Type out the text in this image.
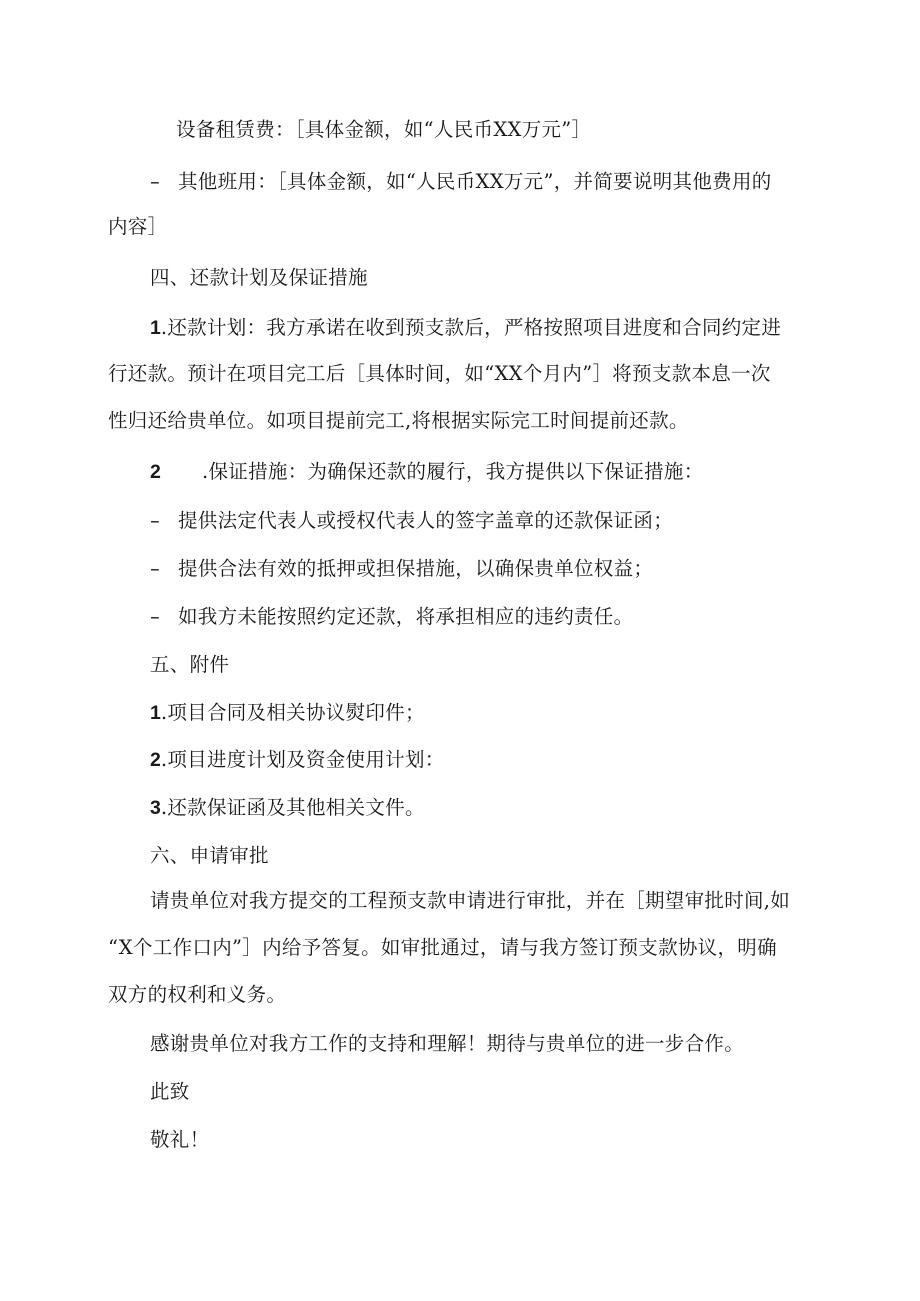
设备租赁费：［具体金额，如“人民币XX万元”］
– 其他班用：［具体金额，如“人民币XX万元”，并简要说明其他费用的
内容］
四、还款计划及保证措施
1.还款计划：我方承诺在收到预支款后，严格按照项目进度和合同约定进
行还款。预计在项目完工后［具体时间，如“XX个月内”］将预支款本息一次
性归还给贵单位。如项目提前完工,将根据实际完工时间提前还款。
2 .保证措施：为确保还款的履行，我方提供以下保证措施：
– 提供法定代表人或授权代表人的签字盖章的还款保证函；
– 提供合法有效的抵押或担保措施，以确保贵单位权益；
– 如我方未能按照约定还款，将承担相应的违约责任。
五、附件
1.项目合同及相关协议熨印件；
2.项目进度计划及资金使用计划：
3.还款保证函及其他相关文件。
六、申请审批
请贵单位对我方提交的工程预支款申请进行审批，并在［期望审批时间,如
“X个工作口内”］内给予答复。如审批通过，请与我方签订预支款协议，明确
双方的权利和义务。
感谢贵单位对我方工作的支持和理解！期待与贵单位的进一步合作。
此致
敬礼！
